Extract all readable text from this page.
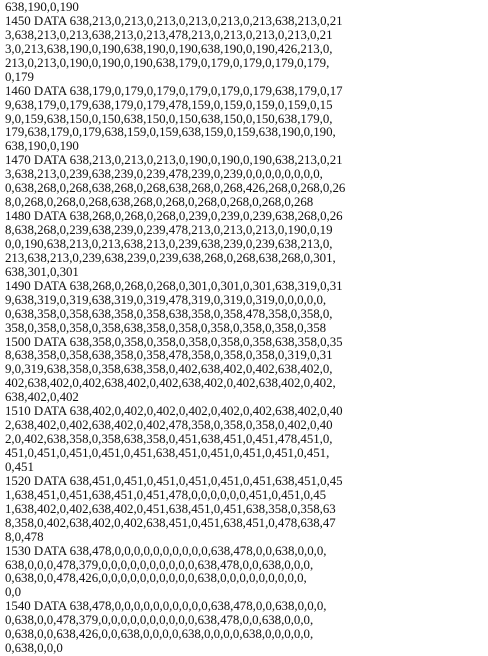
638,190,0,190
1450 DATA 638,213,0,213,0,213,0,213,0,213,0,213,638,213,0,21
3,638,213,0,213,638,213,0,213,478,213,0,213,0,213,0,213,0,21
3,0,213,638,190,0,190,638,190,0,190,638,190,0,190,426,213,0,
213,0,213,0,190,0,190,0,190,638,179,0,179,0,179,0,179,0,179,
0,179
1460 DATA 638,179,0,179,0,179,0,179,0,179,0,179,638,179,0,17
9,638,179,0,179,638,179,0,179,478,159,0,159,0,159,0,159,0,15
9,0,159,638,150,0,150,638,150,0,150,638,150,0,150,638,179,0,
179,638,179,0,179,638,159,0,159,638,159,0,159,638,190,0,190,
638,190,0,190
1470 DATA 638,213,0,213,0,213,0,190,0,190,0,190,638,213,0,21
3,638,213,0,239,638,239,0,239,478,239,0,239,0,0,0,0,0,0,0,0,
0,638,268,0,268,638,268,0,268,638,268,0,268,426,268,0,268,0,26
8,0,268,0,268,0,268,638,268,0,268,0,268,0,268,0,268,0,268
1480 DATA 638,268,0,268,0,268,0,239,0,239,0,239,638,268,0,26
8,638,268,0,239,638,239,0,239,478,213,0,213,0,213,0,190,0,19
0,0,190,638,213,0,213,638,213,0,239,638,239,0,239,638,213,0,
213,638,213,0,239,638,239,0,239,638,268,0,268,638,268,0,301,
638,301,0,301
1490 DATA 638,268,0,268,0,268,0,301,0,301,0,301,638,319,0,31
9,638,319,0,319,638,319,0,319,478,319,0,319,0,319,0,0,0,0,0,
0,638,358,0,358,638,358,0,358,638,358,0,358,478,358,0,358,0,
358,0,358,0,358,0,358,638,358,0,358,0,358,0,358,0,358,0,358
1500 DATA 638,358,0,358,0,358,0,358,0,358,0,358,638,358,0,35
8,638,358,0,358,638,358,0,358,478,358,0,358,0,358,0,319,0,31
9,0,319,638,358,0,358,638,358,0,402,638,402,0,402,638,402,0,
402,638,402,0,402,638,402,0,402,638,402,0,402,638,402,0,402,
638,402,0,402
1510 DATA 638,402,0,402,0,402,0,402,0,402,0,402,638,402,0,40
2,638,402,0,402,638,402,0,402,478,358,0,358,0,358,0,402,0,40
2,0,402,638,358,0,358,638,358,0,451,638,451,0,451,478,451,0,
451,0,451,0,451,0,451,0,451,638,451,0,451,0,451,0,451,0,451,
0,451
1520 DATA 638,451,0,451,0,451,0,451,0,451,0,451,638,451,0,45
1,638,451,0,451,638,451,0,451,478,0,0,0,0,0,0,451,0,451,0,45
1,638,402,0,402,638,402,0,451,638,451,0,451,638,358,0,358,63
8,358,0,402,638,402,0,402,638,451,0,451,638,451,0,478,638,47
8,0,478
1530 DATA 638,478,0,0,0,0,0,0,0,0,0,0,638,478,0,0,638,0,0,0,
638,0,0,0,478,379,0,0,0,0,0,0,0,0,0,0,638,478,0,0,638,0,0,0,
0,638,0,0,478,426,0,0,0,0,0,0,0,0,0,0,638,0,0,0,0,0,0,0,0,0,
0,0
1540 DATA 638,478,0,0,0,0,0,0,0,0,0,0,638,478,0,0,638,0,0,0,
0,638,0,0,478,379,0,0,0,0,0,0,0,0,0,0,638,478,0,0,638,0,0,0,
0,638,0,0,638,426,0,0,638,0,0,0,0,638,0,0,0,0,638,0,0,0,0,0,
0,638,0,0,0
